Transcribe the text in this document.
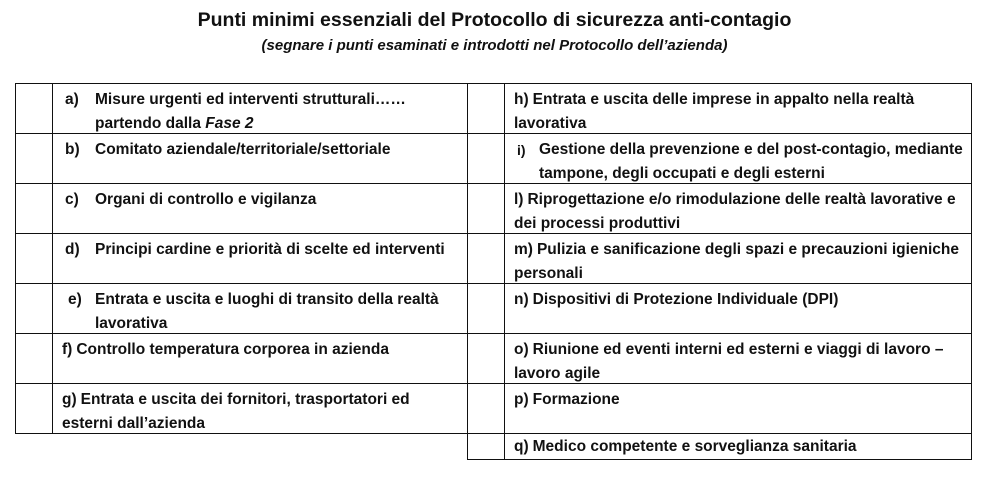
Punti minimi essenziali del Protocollo di sicurezza anti-contagio
(segnare i punti esaminati e introdotti nel Protocollo dell’azienda)
a)	Misure urgenti ed interventi strutturali……partendo dalla Fase 2
b) Comitato aziendale/territoriale/settoriale
c)	Organi di controllo e vigilanza
d) Principi cardine e priorità di scelte ed interventi
e) Entrata e uscita e luoghi di transito della realtà lavorativa
f) Controllo temperatura corporea in azienda
g) Entrata e uscita dei fornitori, trasportatori ed esterni dall’azienda
h) Entrata e uscita delle imprese in appalto nella realtà lavorativa
i) Gestione della prevenzione e del post-contagio, mediante tampone, degli occupati e degli esterni
l) Riprogettazione e/o rimodulazione delle realtà lavorative e dei processi produttivi
m) Pulizia e sanificazione degli spazi e precauzioni igieniche personali
n) Dispositivi di Protezione Individuale (DPI)
o) Riunione ed eventi interni ed esterni e viaggi di lavoro – lavoro agile
p) Formazione
q) Medico competente e sorveglianza sanitaria
